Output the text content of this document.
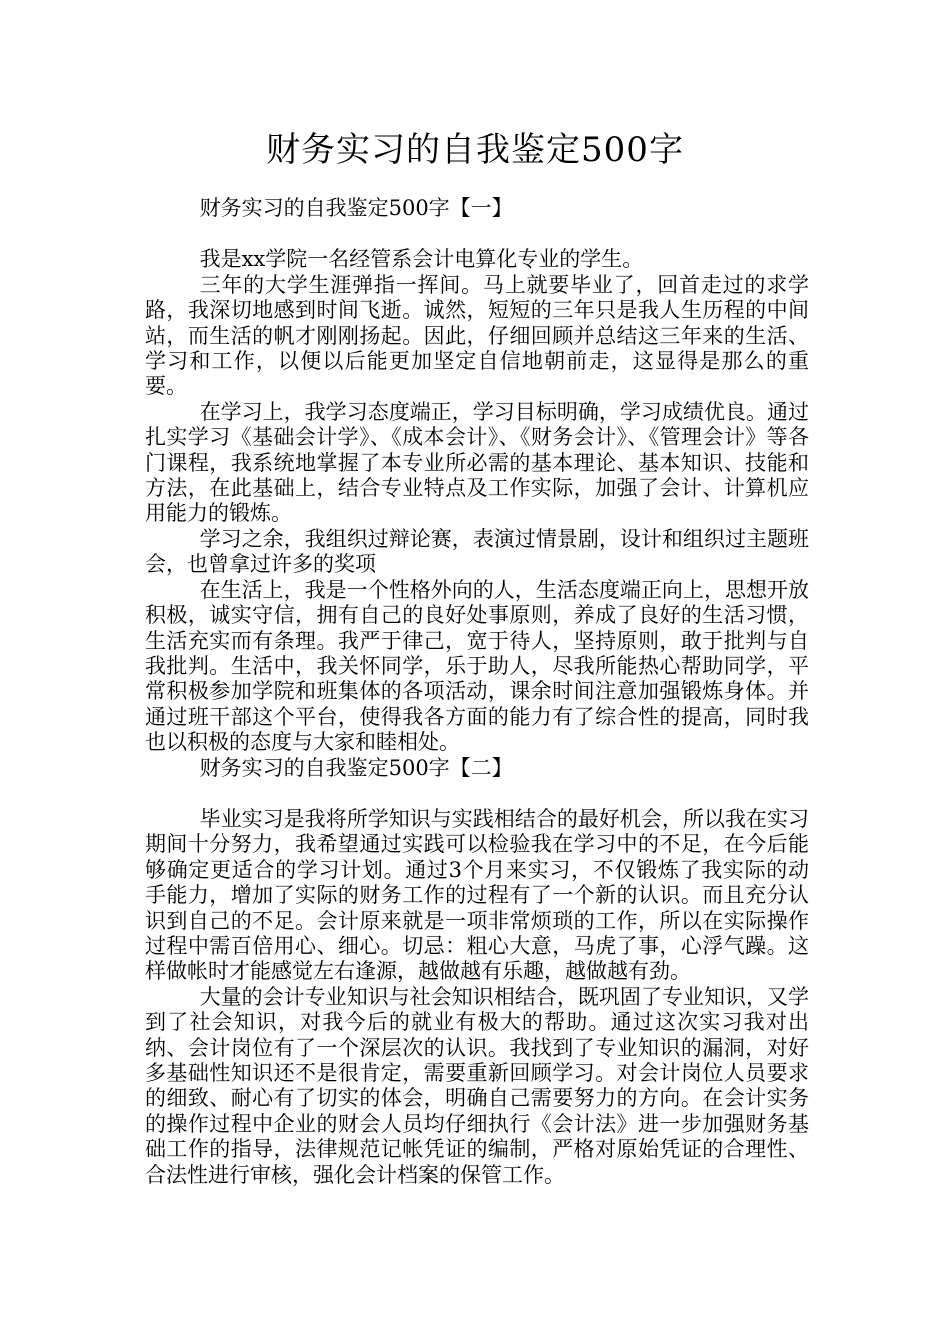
财务实习的自我鉴定500字

财务实习的自我鉴定500字【一】

我是xx学院一名经管系会计电算化专业的学生。

三年的大学生涯弹指一挥间。马上就要毕业了，回首走过的求学路，我深切地感到时间飞逝。诚然，短短的三年只是我人生历程的中间站，而生活的帆才刚刚扬起。因此，仔细回顾并总结这三年来的生活、学习和工作，以便以后能更加坚定自信地朝前走，这显得是那么的重要。

在学习上，我学习态度端正，学习目标明确，学习成绩优良。通过扎实学习《基础会计学》、《成本会计》、《财务会计》、《管理会计》等各门课程，我系统地掌握了本专业所必需的基本理论、基本知识、技能和方法，在此基础上，结合专业特点及工作实际，加强了会计、计算机应用能力的锻炼。

学习之余，我组织过辩论赛，表演过情景剧，设计和组织过主题班会，也曾拿过许多的奖项

在生活上，我是一个性格外向的人，生活态度端正向上，思想开放积极，诚实守信，拥有自己的良好处事原则，养成了良好的生活习惯，生活充实而有条理。我严于律己，宽于待人，坚持原则，敢于批判与自我批判。生活中，我关怀同学，乐于助人，尽我所能热心帮助同学，平常积极参加学院和班集体的各项活动，课余时间注意加强锻炼身体。并通过班干部这个平台，使得我各方面的能力有了综合性的提高，同时我也以积极的态度与大家和睦相处。

财务实习的自我鉴定500字【二】

毕业实习是我将所学知识与实践相结合的最好机会，所以我在实习期间十分努力，我希望通过实践可以检验我在学习中的不足，在今后能够确定更适合的学习计划。通过3个月来实习，不仅锻炼了我实际的动手能力，增加了实际的财务工作的过程有了一个新的认识。而且充分认识到自己的不足。会计原来就是一项非常烦琐的工作，所以在实际操作过程中需百倍用心、细心。切忌：粗心大意，马虎了事，心浮气躁。这样做帐时才能感觉左右逢源，越做越有乐趣，越做越有劲。

大量的会计专业知识与社会知识相结合，既巩固了专业知识，又学到了社会知识，对我今后的就业有极大的帮助。通过这次实习我对出纳、会计岗位有了一个深层次的认识。我找到了专业知识的漏洞，对好多基础性知识还不是很肯定，需要重新回顾学习。对会计岗位人员要求的细致、耐心有了切实的体会，明确自己需要努力的方向。在会计实务的操作过程中企业的财会人员均仔细执行《会计法》进一步加强财务基础工作的指导，法律规范记帐凭证的编制，严格对原始凭证的合理性、合法性进行审核，强化会计档案的保管工作。
